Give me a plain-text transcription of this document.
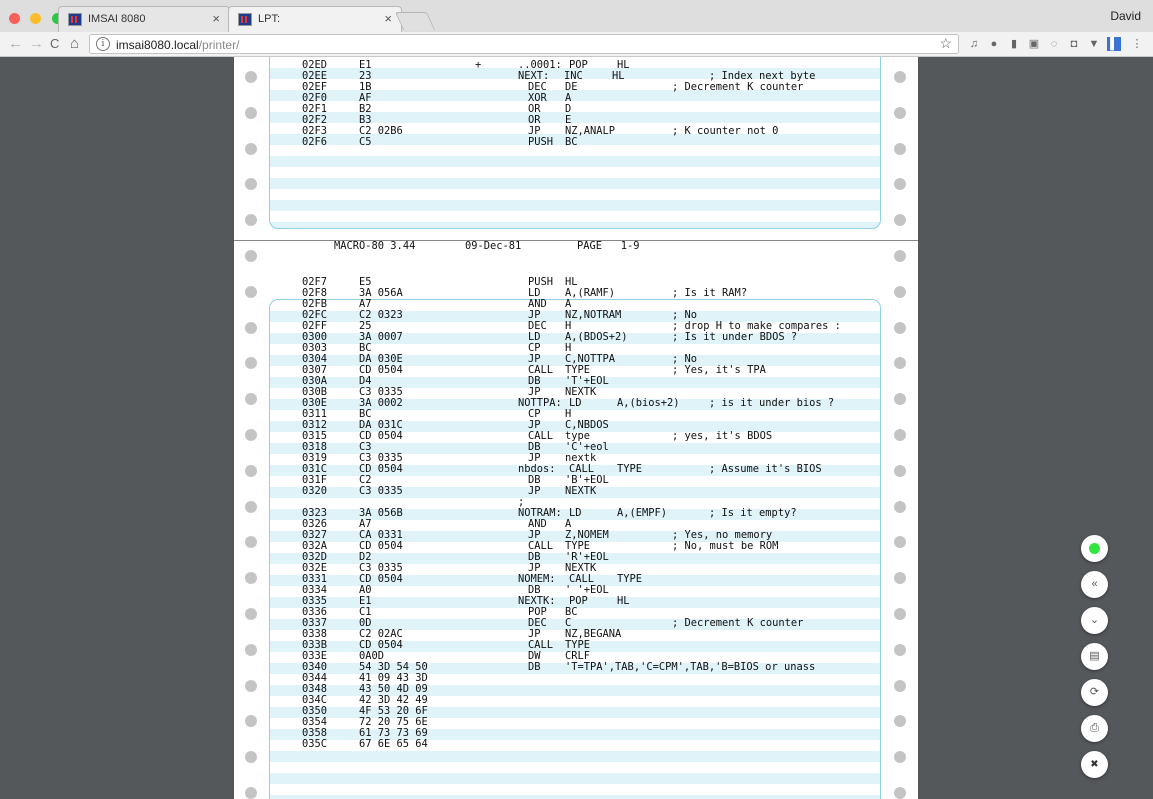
IMSAI 8080	×	LPT:	×	David
← → C ⌂	i imsai8080.local/printer/	☆ ♫	●	▮	▣	◌	◘	▼ ▌ ⋮
MACRO-80 3.44	09-Dec-81	PAGE   1-9
02ED	E1	+	..0001: POP	HL
02EE	23	NEXT: INC	HL	; Index next byte
02EF	1B	DEC DE	; Decrement K counter
02F0	AF	XOR A
02F1	B2	OR D
02F2	B3	OR E
02F3	C2 02B6	JP NZ,ANALP	; K counter not 0
02F6	C5	PUSH BC
02F7	E5	PUSH HL
02F8	3A 056A	LD A,(RAMF)	; Is it RAM?
02FB	A7	AND A
02FC	C2 0323	JP NZ,NOTRAM	; No
02FF	25	DEC H	; drop H to make compares :
0300	3A 0007	LD A,(BDOS+2)	; Is it under BDOS ?
0303	BC	CP H
0304	DA 030E	JP C,NOTTPA	; No
0307	CD 0504	CALL TYPE	; Yes, it's TPA
030A	D4	DB 'T'+EOL
030B	C3 0335	JP NEXTK
030E	3A 0002	NOTTPA: LD	A,(bios+2)	; is it under bios ?
0311	BC	CP H
0312	DA 031C	JP C,NBDOS
0315	CD 0504	CALL type	; yes, it's BDOS
0318	C3	DB 'C'+eol
0319	C3 0335	JP nextk
031C	CD 0504	nbdos: CALL TYPE	; Assume it's BIOS
031F	C2	DB 'B'+EOL
0320	C3 0335	JP NEXTK
;
0323	3A 056B	NOTRAM: LD	A,(EMPF)	; Is it empty?
0326	A7	AND A
0327	CA 0331	JP Z,NOMEM	; Yes, no memory
032A	CD 0504	CALL TYPE	; No, must be ROM
032D	D2	DB 'R'+EOL
032E	C3 0335	JP NEXTK
0331	CD 0504	NOMEM: CALL TYPE
0334	A0	DB ' '+EOL
0335	E1	NEXTK: POP	HL
0336	C1	POP BC
0337	0D	DEC C	; Decrement K counter
0338	C2 02AC	JP NZ,BEGANA
033B	CD 0504	CALL TYPE
033E	0A0D	DW CRLF
0340	54 3D 54 50	DB 'T=TPA',TAB,'C=CPM',TAB,'B=BIOS or unass
0344	41 09 43 3D
0348	43 50 4D 09
034C	42 3D 42 49
0350	4F 53 20 6F
0354	72 20 75 6E
0358	61 73 73 69
035C	67 6E 65 64
«
⌄
▤
⟳
⎙
✖
